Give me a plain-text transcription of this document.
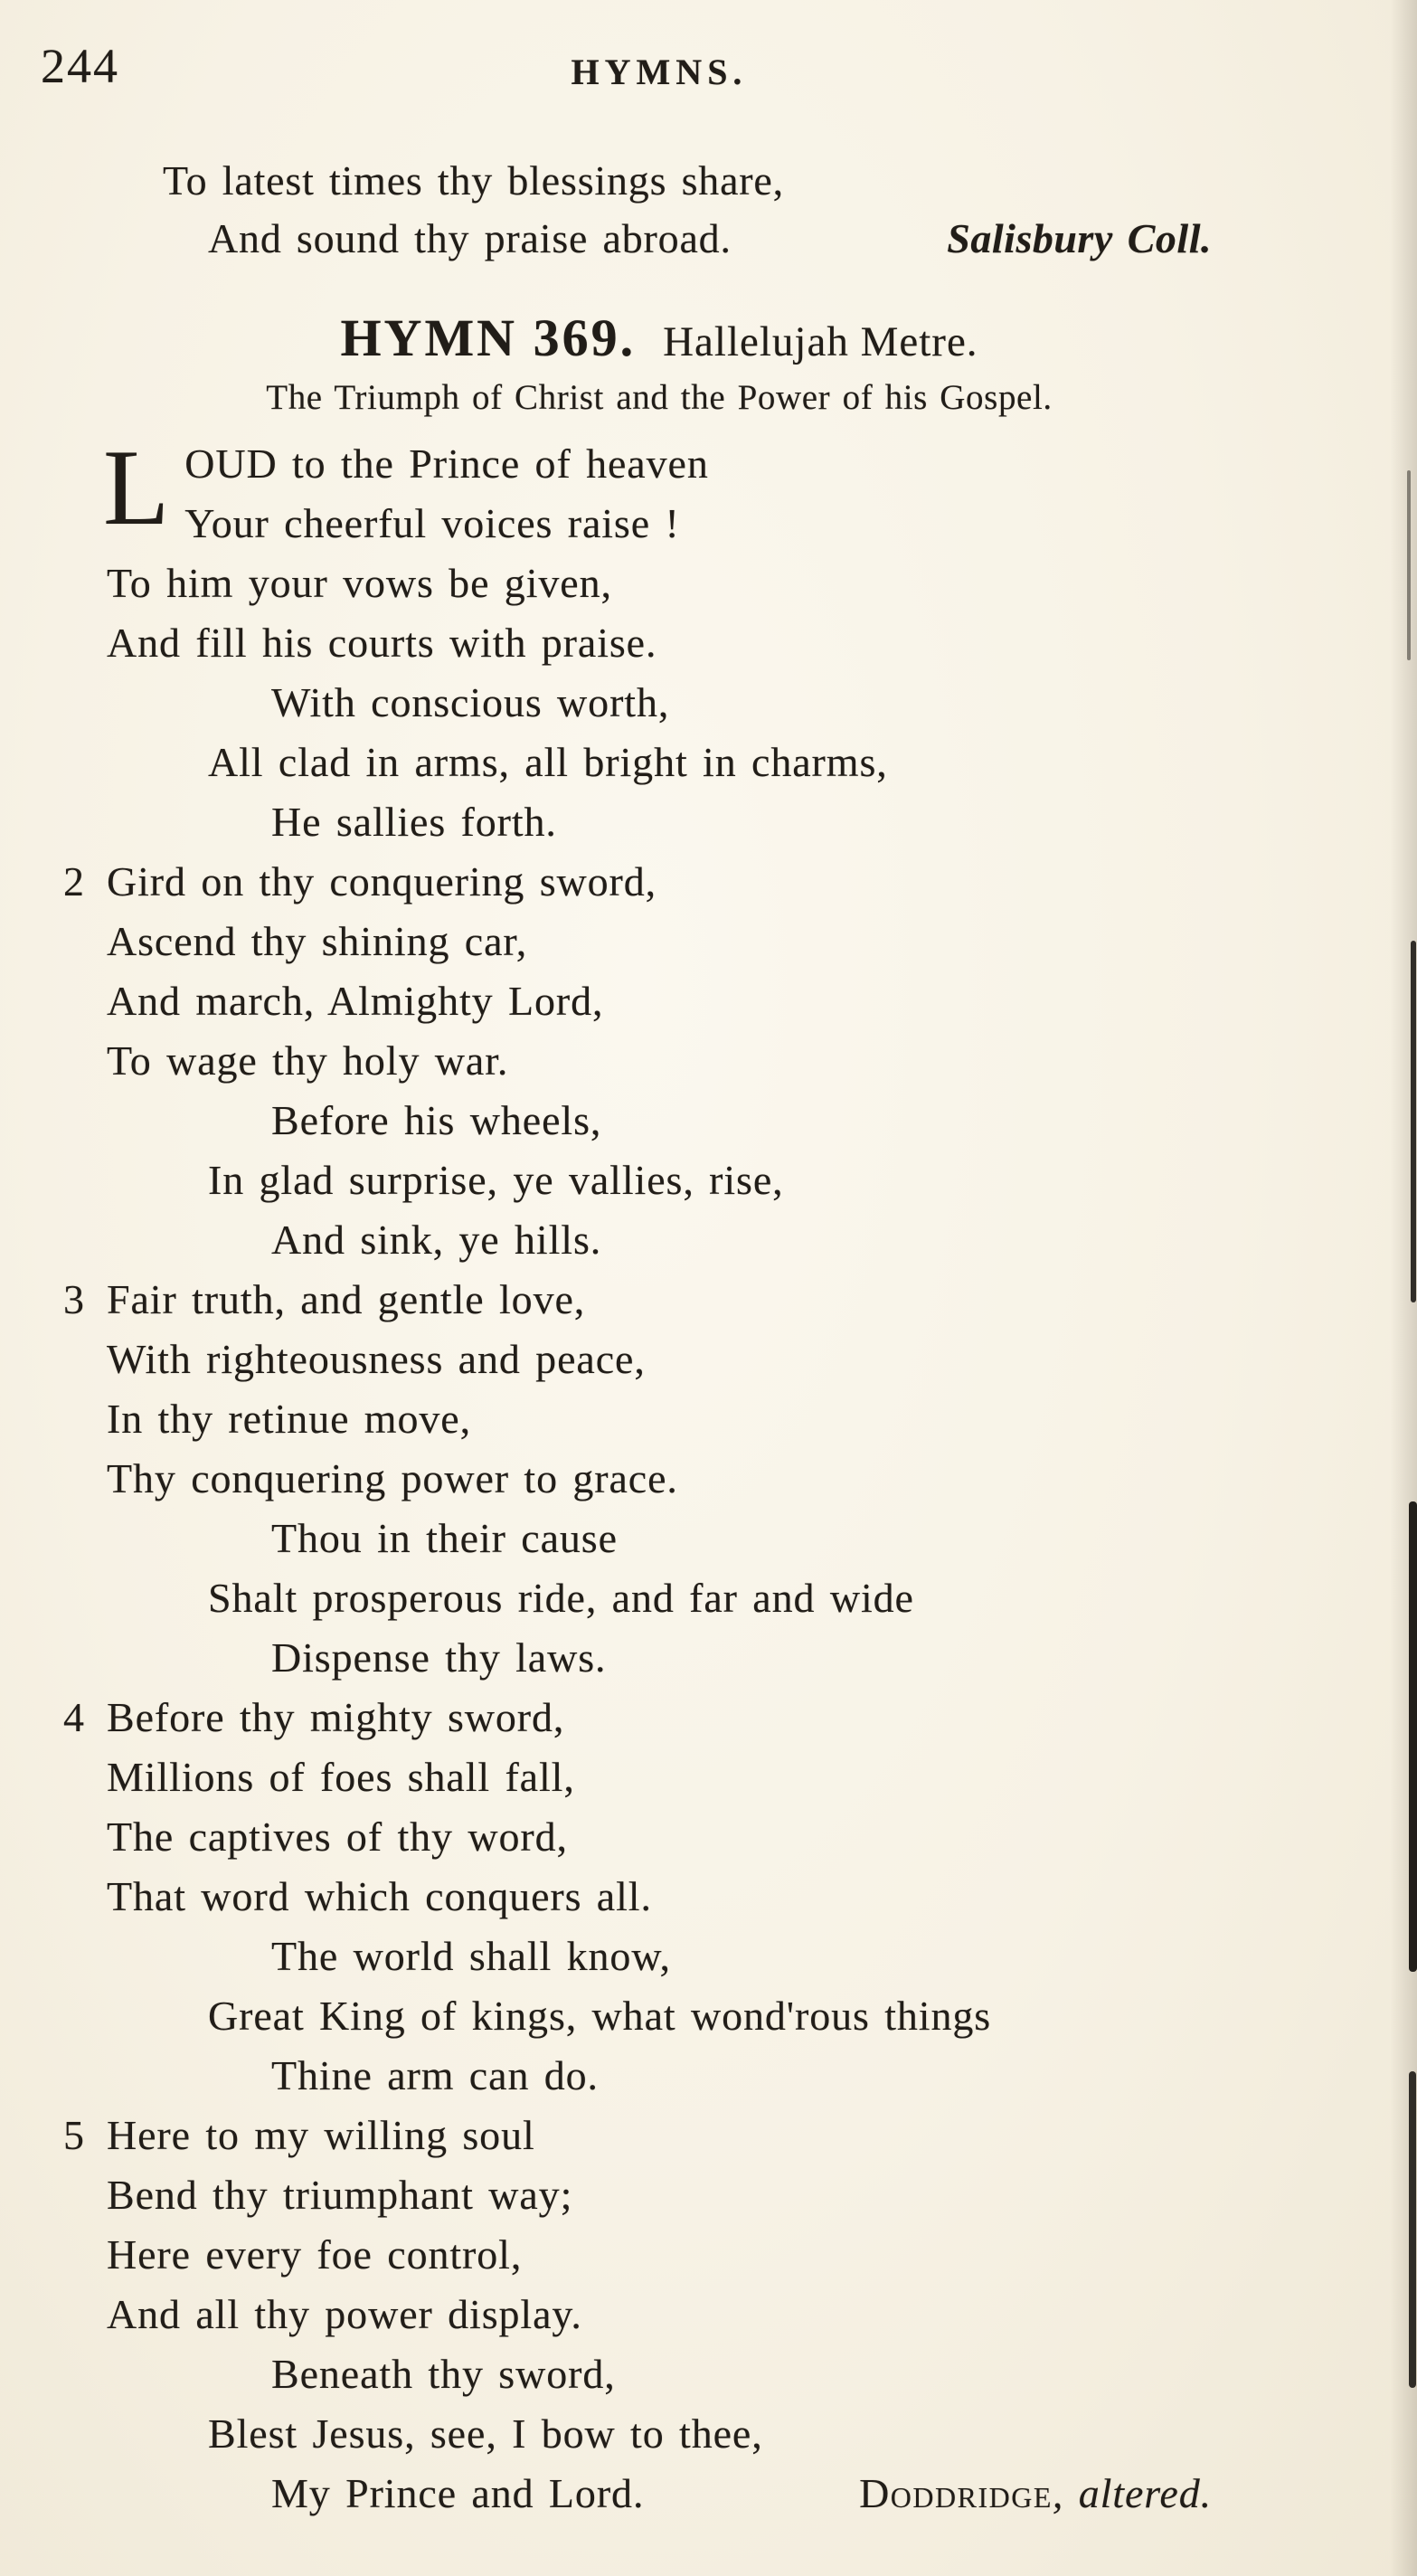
244	HYMNS.
To latest times thy blessings share,
And sound thy praise abroad.	Salisbury Coll.
HYMN 369. Hallelujah Metre.
The Triumph of Christ and the Power of his Gospel.
L OUD to the Prince of heaven
Your cheerful voices raise !
To him your vows be given,
And fill his courts with praise.
With conscious worth,
All clad in arms, all bright in charms,
He sallies forth.
2 Gird on thy conquering sword,
Ascend thy shining car,
And march, Almighty Lord,
To wage thy holy war.
Before his wheels,
In glad surprise, ye vallies, rise,
And sink, ye hills.
3 Fair truth, and gentle love,
With righteousness and peace,
In thy retinue move,
Thy conquering power to grace.
Thou in their cause
Shalt prosperous ride, and far and wide
Dispense thy laws.
4 Before thy mighty sword,
Millions of foes shall fall,
The captives of thy word,
That word which conquers all.
The world shall know,
Great King of kings, what wond'rous things
Thine arm can do.
5 Here to my willing soul
Bend thy triumphant way;
Here every foe control,
And all thy power display.
Beneath thy sword,
Blest Jesus, see, I bow to thee,
My Prince and Lord.	Doddridge, altered.
